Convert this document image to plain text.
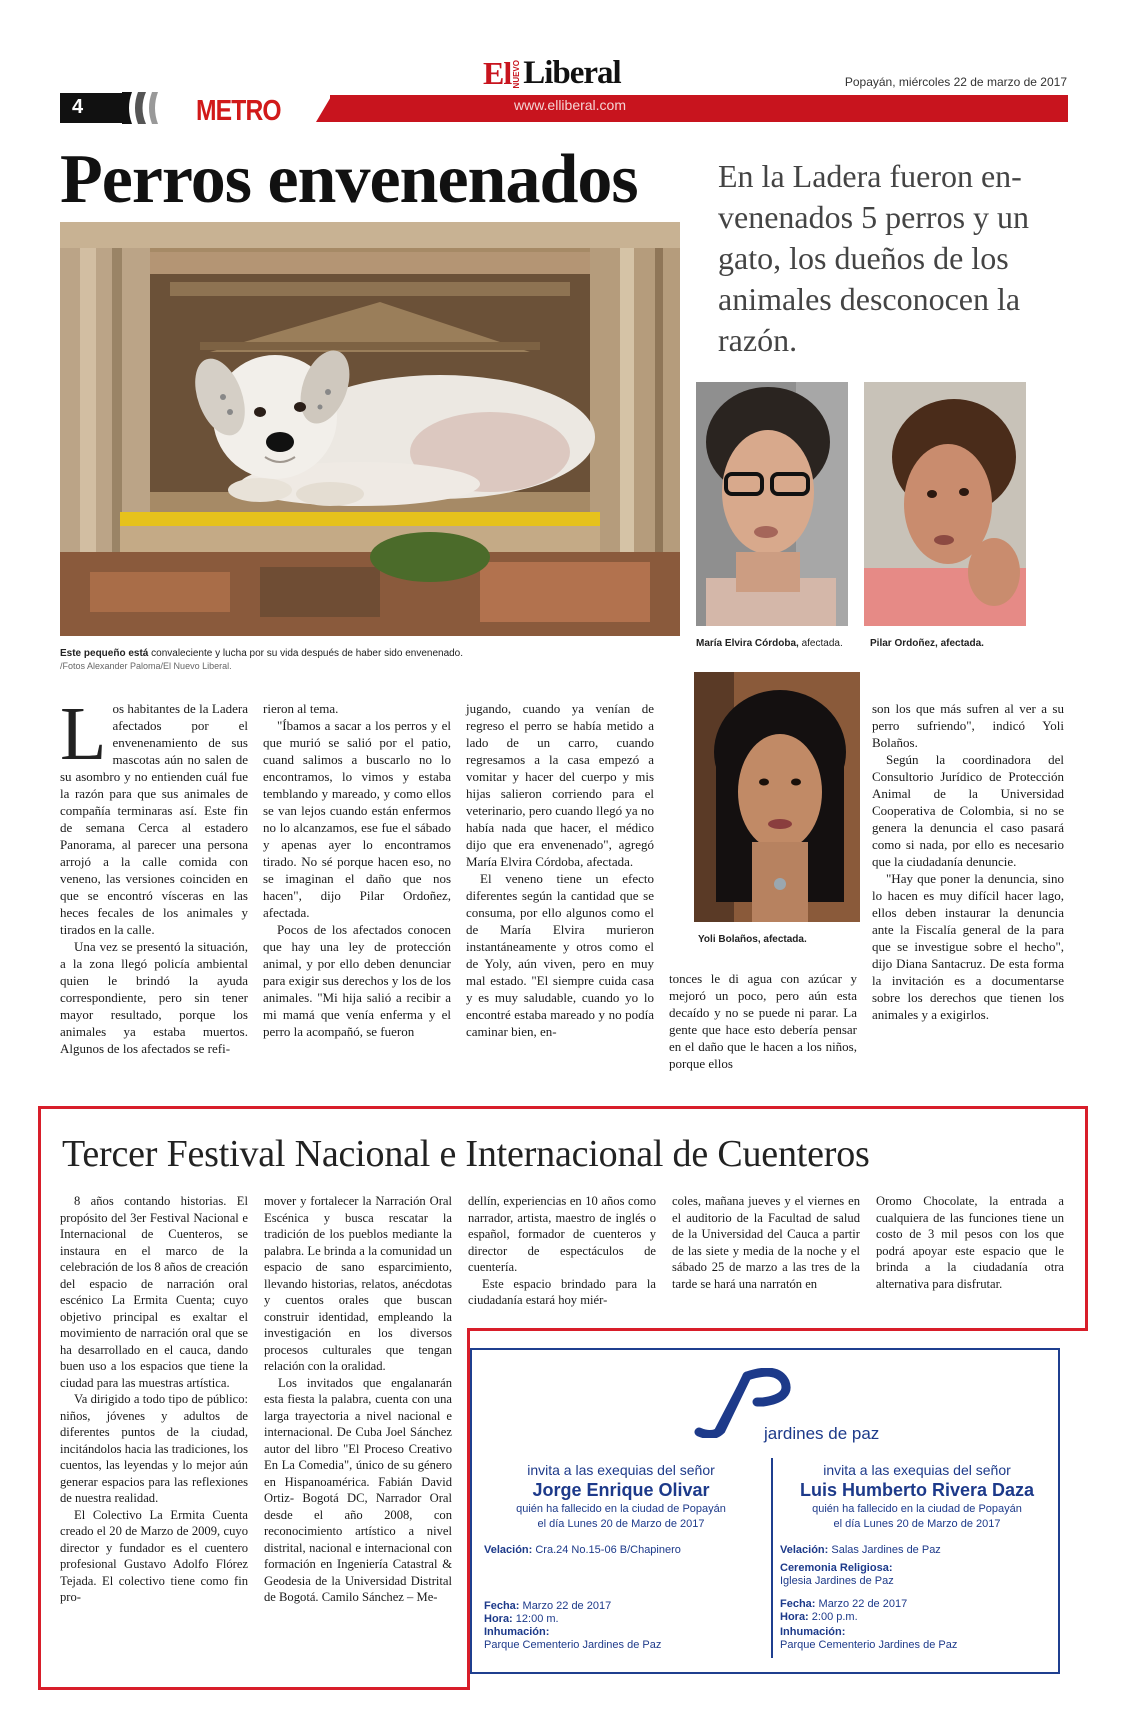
4	METRO	www.elliberal.com
El NUEVO Liberal	Popayán, miércoles 22 de marzo de 2017
Perros envenenados	En la Ladera fueron en-venenados 5 perros y un gato, los dueños de los animales desconocen la razón.
Este pequeño está convaleciente y lucha por su vida después de haber sido envenenado.
/Fotos Alexander Paloma/El Nuevo Liberal.
María Elvira Córdoba, afectada.	Pilar Ordoñez, afectada.
Yoli Bolaños, afectada.
L os habitantes de la Ladera afectados por el envenenamiento de sus mascotas aún no salen de su asombro y no entienden cuál fue la razón para que sus animales de compañía terminaras así. Este fin de semana Cerca al estadero Panorama, al parecer una persona arrojó a la calle comida con veneno, las versiones coinciden en que se encontró vísceras en las heces fecales de los animales y tirados en la calle.

Una vez se presentó la situación, a la zona llegó policía ambiental quien le brindó la ayuda correspondiente, pero sin tener mayor resultado, porque los animales ya estaba muertos. Algunos de los afectados se refi-

rieron al tema.

"Íbamos a sacar a los perros y el que murió se salió por el patio, cuand salimos a buscarlo no lo encontramos, lo vimos y estaba temblando y mareado, y como ellos se van lejos cuando están enfermos no lo alcanzamos, ese fue el sábado y apenas ayer lo encontramos tirado. No sé porque hacen eso, no se imaginan el daño que nos hacen", dijo Pilar Ordoñez, afectada.

Pocos de los afectados conocen que hay una ley de protección animal, y por ello deben denunciar para exigir sus derechos y los de los animales. "Mi hija salió a recibir a mi mamá que venía enferma y el perro la acompañó, se fueron

jugando, cuando ya venían de regreso el perro se había metido a lado de un carro, cuando regresamos a la casa empezó a vomitar y hacer del cuerpo y mis hijas salieron corriendo para el veterinario, pero cuando llegó ya no había nada que hacer, el médico dijo que era envenenado", agregó María Elvira Córdoba, afectada.

El veneno tiene un efecto diferentes según la cantidad que se consuma, por ello algunos como el de María Elvira murieron instantáneamente y otros como el de Yoly, aún viven, pero en muy mal estado. "El siempre cuida casa y es muy saludable, cuando yo lo encontré estaba mareado y no podía caminar bien, en-

tonces le di agua con azúcar y mejoró un poco, pero aún esta decaído y no se puede ni parar. La gente que hace esto debería pensar en el daño que le hacen a los niños, porque ellos

son los que más sufren al ver a su perro sufriendo", indicó Yoli Bolaños.

Según la coordinadora del Consultorio Jurídico de Protección Animal de la Universidad Cooperativa de Colombia, si no se genera la denuncia el caso pasará como si nada, por ello es necesario que la ciudadanía denuncie.

"Hay que poner la denuncia, sino lo hacen es muy difícil hacer lago, ellos deben instaurar la denuncia ante la Fiscalía general de la para que se investigue sobre el hecho", dijo Diana Santacruz. De esta forma la invitación es a documentarse sobre los derechos que tienen los animales y a exigirlos.

Tercer Festival Nacional e Internacional de Cuenteros

8 años contando historias. El propósito del 3er Festival Nacional e Internacional de Cuenteros, se instaura en el marco de la celebración de los 8 años de creación del espacio de narración oral escénico La Ermita Cuenta; cuyo objetivo principal es exaltar el movimiento de narración oral que se ha desarrollado en el cauca, dando buen uso a los espacios que tiene la ciudad para las muestras artística.

Va dirigido a todo tipo de público: niños, jóvenes y adultos de diferentes puntos de la ciudad, incitándolos hacia las tradiciones, los cuentos, las leyendas y lo mejor aún generar espacios para las reflexiones de nuestra realidad.

El Colectivo La Ermita Cuenta creado el 20 de Marzo de 2009, cuyo director y fundador es el cuentero profesional Gustavo Adolfo Flórez Tejada. El colectivo tiene como fin pro-

mover y fortalecer la Narración Oral Escénica y busca rescatar la tradición de los pueblos mediante la palabra. Le brinda a la comunidad un espacio de sano esparcimiento, llevando historias, relatos, anécdotas y cuentos orales que buscan construir identidad, empleando la investigación en los diversos procesos culturales que tengan relación con la oralidad.

Los invitados que engalanarán esta fiesta la palabra, cuenta con una larga trayectoria a nivel nacional e internacional. De Cuba Joel Sánchez autor del libro "El Proceso Creativo En La Comedia", único de su género en Hispanoamérica. Fabián David Ortiz- Bogotá DC, Narrador Oral desde el año 2008, con reconocimiento artístico a nivel distrital, nacional e internacional con formación en Ingeniería Catastral & Geodesia de la Universidad Distrital de Bogotá. Camilo Sánchez – Me-

dellín, experiencias en 10 años como narrador, artista, maestro de inglés o español, formador de cuenteros y director de espectáculos de cuentería.

Este espacio brindado para la ciudadanía estará hoy miér-

coles, mañana jueves y el viernes en el auditorio de la Facultad de salud de la Universidad del Cauca a partir de las siete y media de la noche y el sábado 25 de marzo a las tres de la tarde se hará una narratón en

Oromo Chocolate, la entrada a cualquiera de las funciones tiene un costo de 3 mil pesos con los que podrá apoyar este espacio que le brinda a la ciudadanía otra alternativa para disfrutar.

jardines de paz
invita a las exequias del señor
Jorge Enrique Olivar
quién ha fallecido en la ciudad de Popayán
el día Lunes 20 de Marzo de 2017
Velación: Cra.24 No.15-06 B/Chapinero
Fecha: Marzo 22 de 2017
Hora: 12:00 m.
Inhumación:
Parque Cementerio Jardines de Paz
invita a las exequias del señor
Luis Humberto Rivera Daza
quién ha fallecido en la ciudad de Popayán
el día Lunes 20 de Marzo de 2017
Velación: Salas Jardines de Paz
Ceremonia Religiosa:
Iglesia Jardines de Paz
Fecha: Marzo 22 de 2017
Hora: 2:00 p.m.
Inhumación:
Parque Cementerio Jardines de Paz
